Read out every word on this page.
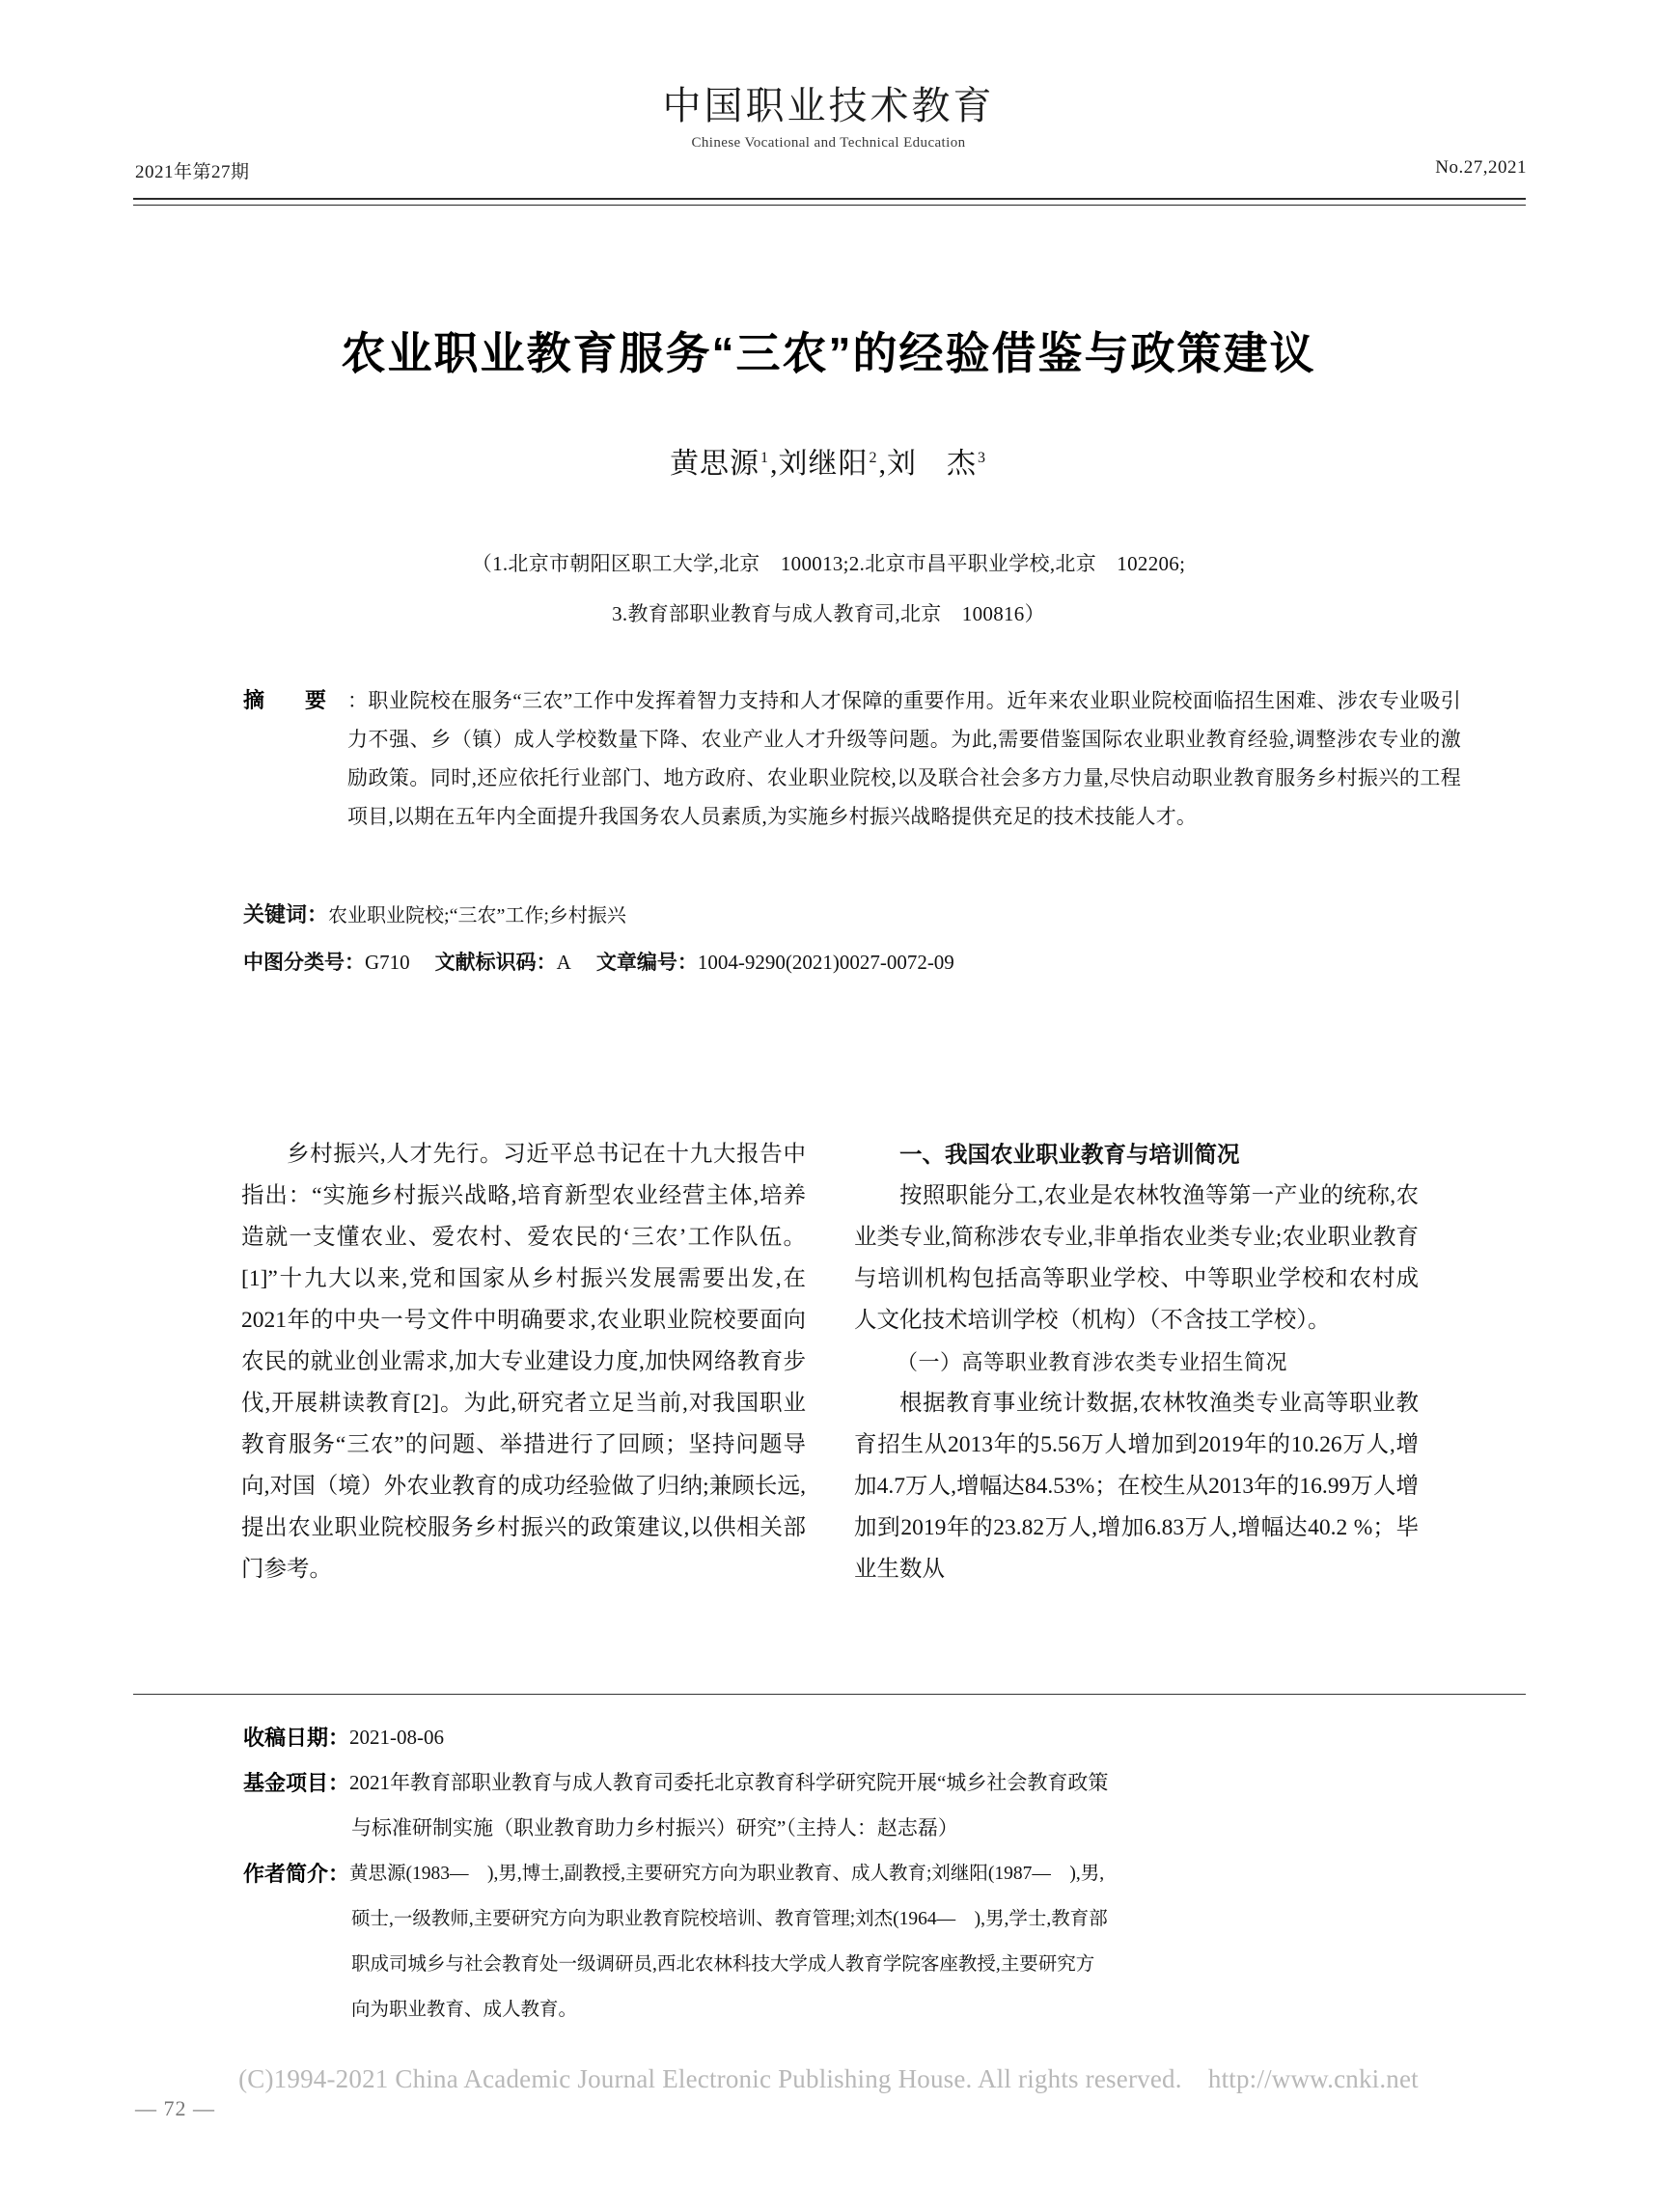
中国职业技术教育
Chinese Vocational and Technical Education
2021年第27期	No.27,2021
农业职业教育服务“三农”的经验借鉴与政策建议
黄思源$^1$,刘继阳$^2$,刘　杰$^3$
（1.北京市朝阳区职工大学,北京　100013;2.北京市昌平职业学校,北京　102206;
3.教育部职业教育与成人教育司,北京　100816）
摘　要 ：职业院校在服务“三农”工作中发挥着智力支持和人才保障的重要作用。近年来农业职业院校面临招生困难、涉农专业吸引力不强、乡（镇）成人学校数量下降、农业产业人才升级等问题。为此,需要借鉴国际农业职业教育经验,调整涉农专业的激励政策。同时,还应依托行业部门、地方政府、农业职业院校,以及联合社会多方力量,尽快启动职业教育服务乡村振兴的工程项目,以期在五年内全面提升我国务农人员素质,为实施乡村振兴战略提供充足的技术技能人才。
关键词：农业职业院校;“三农”工作;乡村振兴
中图分类号：G710 文献标识码：A 文章编号：1004-9290(2021)0027-0072-09

乡村振兴,人才先行。习近平总书记在十九大报告中指出：“实施乡村振兴战略,培育新型农业经营主体,培养造就一支懂农业、爱农村、爱农民的‘三农’工作队伍。[1]”十九大以来,党和国家从乡村振兴发展需要出发,在2021年的中央一号文件中明确要求,农业职业院校要面向农民的就业创业需求,加大专业建设力度,加快网络教育步伐,开展耕读教育[2]。为此,研究者立足当前,对我国职业教育服务“三农”的问题、举措进行了回顾；坚持问题导向,对国（境）外农业教育的成功经验做了归纳;兼顾长远,提出农业职业院校服务乡村振兴的政策建议,以供相关部门参考。

一、我国农业职业教育与培训简况

按照职能分工,农业是农林牧渔等第一产业的统称,农业类专业,简称涉农专业,非单指农业类专业;农业职业教育与培训机构包括高等职业学校、中等职业学校和农村成人文化技术培训学校（机构）（不含技工学校）。

（一）高等职业教育涉农类专业招生简况

根据教育事业统计数据,农林牧渔类专业高等职业教育招生从2013年的5.56万人增加到2019年的10.26万人,增加4.7万人,增幅达84.53%；在校生从2013年的16.99万人增加到2019年的23.82万人,增加6.83万人,增幅达40.2 %；毕业生数从

收稿日期： 2021-08-06
基金项目： 2021年教育部职业教育与成人教育司委托北京教育科学研究院开展“城乡社会教育政策
与标准研制实施（职业教育助力乡村振兴）研究”（主持人：赵志磊）
作者简介： 黄思源(1983—　),男,博士,副教授,主要研究方向为职业教育、成人教育;刘继阳(1987—　),男,
硕士,一级教师,主要研究方向为职业教育院校培训、教育管理;刘杰(1964—　),男,学士,教育部
职成司城乡与社会教育处一级调研员,西北农林科技大学成人教育学院客座教授,主要研究方
向为职业教育、成人教育。
(C)1994-2021 China Academic Journal Electronic Publishing House. All rights reserved.　http://www.cnki.net
— 72 —
